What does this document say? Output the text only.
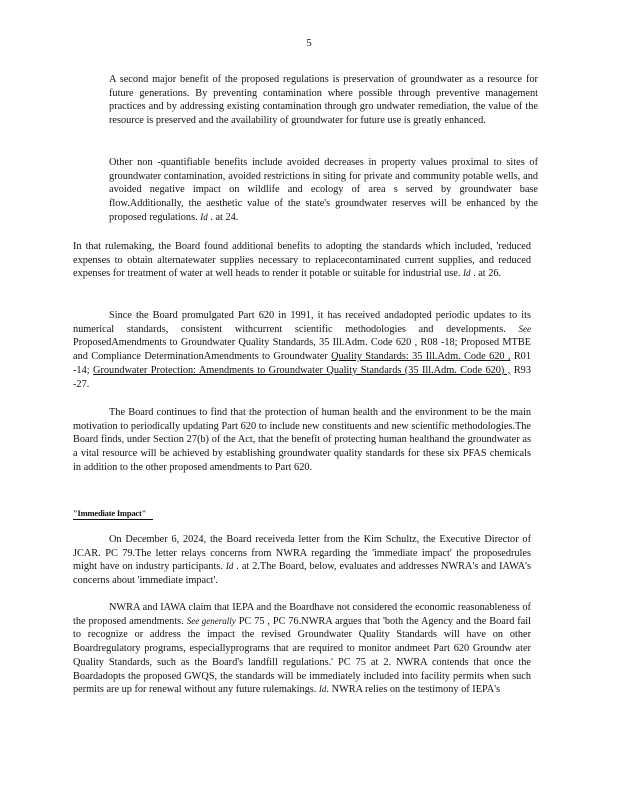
5
A second major benefit of the proposed regulations is preservation of groundwater as a resource for future generations. By preventing contamination where possible through preventive management practices and by addressing existing contamination through gro undwater remediation, the value of the resource is preserved and the availability of groundwater for future use is greatly enhanced.
Other non -quantifiable benefits include avoided decreases in property values proximal to sites of groundwater contamination, avoided restrictions in siting for private and community potable wells, and avoided negative impact on wildlife and ecology of area s served by groundwater base flow.Additionally, the aesthetic value of the state's groundwater reserves will be enhanced by the proposed regulations. Id . at 24.
In that rulemaking, the Board found additional benefits to adopting the standards which included, 'reduced expenses to obtain alternatewater supplies necessary to replacecontaminated current supplies, and reduced expenses for treatment of water at well heads to render it potable or suitable for industrial use. Id . at 26.
Since the Board promulgated Part 620 in 1991, it has received andadopted periodic updates to its numerical standards, consistent withcurrent scientific methodologies and developments. See ProposedAmendments to Groundwater Quality Standards, 35 Ill.Adm. Code 620 , R08 -18; Proposed MTBE and Compliance DeterminationAmendments to Groundwater Quality Standards: 35 Ill.Adm. Code 620 , R01 -14; Groundwater Protection: Amendments to Groundwater Quality Standards (35 Ill.Adm. Code 620) , R93 -27.
The Board continues to find that the protection of human health and the environment to be the main motivation to periodically updating Part 620 to include new constituents and new scientific methodologies.The Board finds, under Section 27(b) of the Act, that the benefit of protecting human healthand the groundwater as a vital resource will be achieved by establishing groundwater quality standards for these six PFAS chemicals in addition to the other proposed amendments to Part 620.
"Immediate Impact"
On December 6, 2024, the Board receiveda letter from the Kim Schultz, the Executive Director of JCAR. PC 79.The letter relays concerns from NWRA regarding the 'immediate impact' the proposedrules might have on industry participants. Id . at 2.The Board, below, evaluates and addresses NWRA's and IAWA's concerns about 'immediate impact'.
NWRA and IAWA claim that IEPA and the Boardhave not considered the economic reasonableness of the proposed amendments. See generally PC 75 , PC 76.NWRA argues that 'both the Agency and the Board fail to recognize or address the impact the revised Groundwater Quality Standards will have on other Boardregulatory programs, especiallyprograms that are required to monitor andmeet Part 620 Groundw ater Quality Standards, such as the Board's landfill regulations.' PC 75 at 2. NWRA contends that once the Boardadopts the proposed GWQS, the standards will be immediately included into facility permits when such permits are up for renewal without any future rulemakings. Id. NWRA relies on the testimony of IEPA's
